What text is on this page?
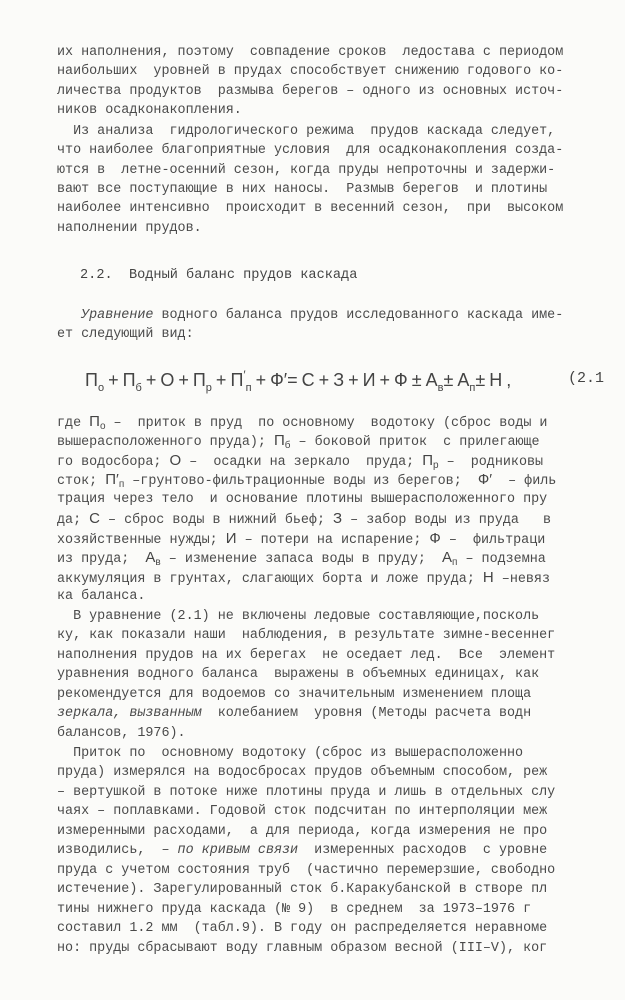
их наполнения, поэтому  совпадение сроков  ледостава с периодом
наибольших  уровней в прудах способствует снижению годового ко-
личества продуктов  размыва берегов – одного из основных источ-
ников осадконакопления.
Из анализа  гидрологического режима  прудов каскада следует,
что наиболее благоприятные условия  для осадконакопления созда-
ются в  летне-осенний сезон, когда пруды непроточны и задержи-
вают все поступающие в них наносы.  Размыв берегов  и плотины
наиболее интенсивно  происходит в весенний сезон,  при  высоком
наполнении прудов.
Уравнение водного баланса прудов исследованного каскада име-
ет следующий вид:
где $П_о$ –  приток в пруд  по основному  водотоку (сброс воды и
вышерасположенного пруда); $П_б$ – боковой приток  с прилегающе
го водосбора; О –  осадки на зеркало  пруда; $П_р$ –  родниковы
сток; $П'_п$ –грунтово-фильтрационные воды из берегов;  Ф′  – филь
трация через тело  и основание плотины вышерасположенного пру
да; С – сброс воды в нижний бьеф; З – забор воды из пруда   в
хозяйственные нужды; И – потери на испарение; Ф –  фильтраци
из пруда;  $А_в$ – изменение запаса воды в пруду;  $А_п$ – подземна
аккумуляция в грунтах, слагающих борта и ложе пруда; Н –невяз
ка баланса.
В уравнение (2.1) не включены ледовые составляющие,посколь
ку, как показали наши  наблюдения, в результате зимне-весеннег
наполнения прудов на их берегах  не оседает лед.  Все  элемент
уравнения водного баланса  выражены в объемных единицах, как
рекомендуется для водоемов со значительным изменением площа
зеркала, вызванным  колебанием  уровня (Методы расчета водн
балансов, 1976).
Приток по  основному водотоку (сброс из вышерасположенно
пруда) измерялся на водосбросах прудов объемным способом, реж
– вертушкой в потоке ниже плотины пруда и лишь в отдельных слу
чаях – поплавками. Годовой сток подсчитан по интерполяции меж
измеренными расходами,  а для периода, когда измерения не про
изводились,  – по кривым связи  измеренных расходов  с уровне
пруда с учетом состояния труб  (частично перемерзшие, свободно
истечение). Зарегулированный сток б.Каракубанской в створе пл
тины нижнего пруда каскада (№ 9)  в среднем  за 1973–1976 г
составил 1.2 мм  (табл.9). В году он распределяется неравноме
но: пруды сбрасывают воду главным образом весной (III–V), ког
2.2.  Водный баланс прудов каскада
$П_о + П_б + О + П_р + П'_п + Ф'= С + З + И + Ф \pm А_в\pm А_п\pm Н$ ,	(2.1
